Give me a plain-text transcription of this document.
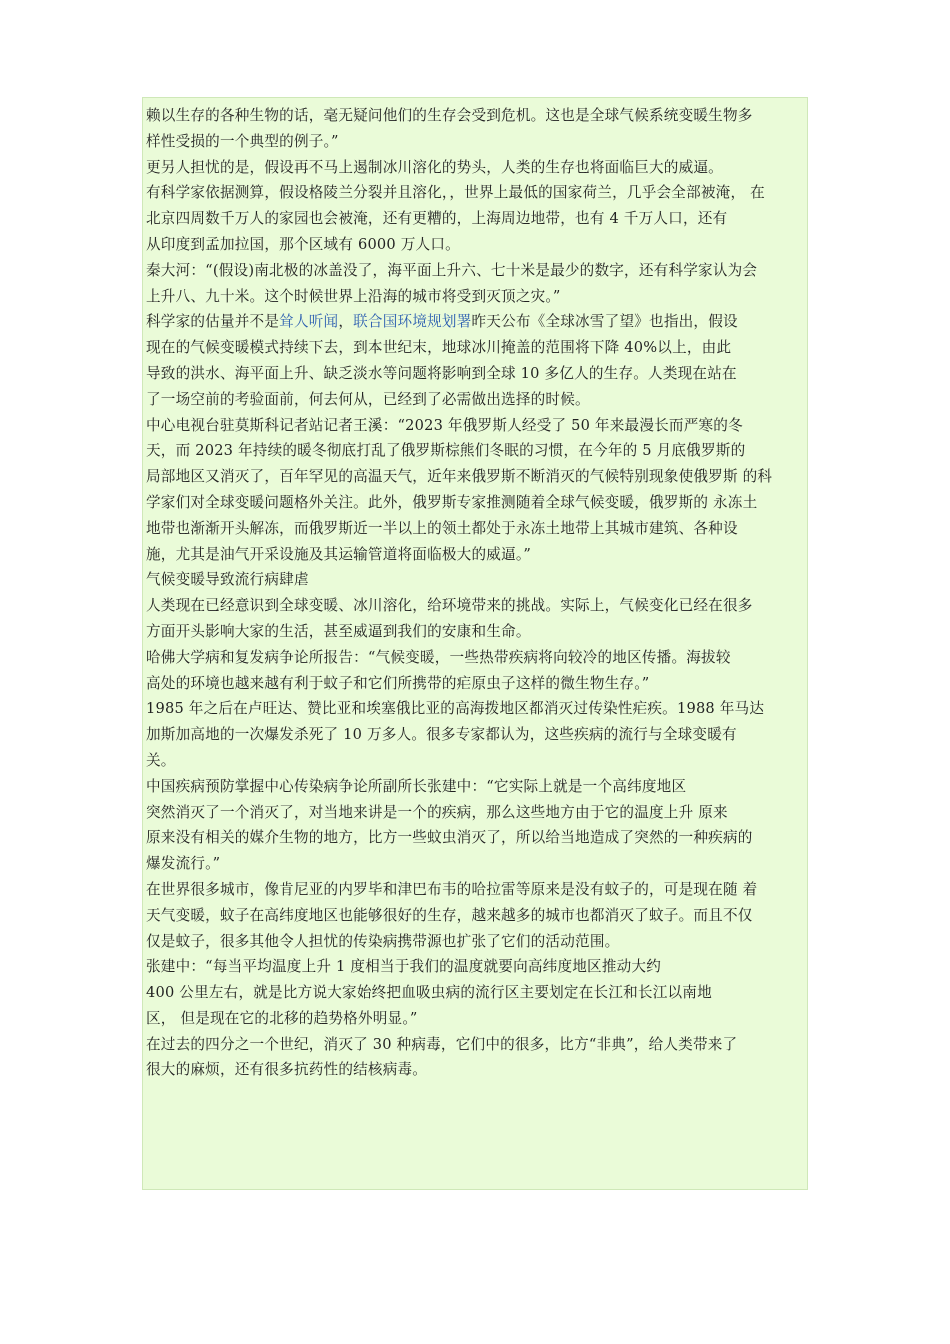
赖以生存的各种生物的话，毫无疑问他们的生存会受到危机。这也是全球气候系统变暖生物多

样性受损的一个典型的例子。”

更另人担忧的是，假设再不马上遏制冰川溶化的势头，人类的生存也将面临巨大的威逼。

有科学家依据测算，假设格陵兰分裂并且溶化，，世界上最低的国家荷兰，几乎会全部被淹， 在

北京四周数千万人的家园也会被淹，还有更糟的，上海周边地带，也有 4 千万人口，还有

从印度到孟加拉国，那个区域有 6000 万人口。

秦大河：“(假设)南北极的冰盖没了，海平面上升六、七十米是最少的数字，还有科学家认为会

上升八、九十米。这个时候世界上沿海的城市将受到灭顶之灾。”

科学家的估量并不是耸人听闻，联合国环境规划署昨天公布《全球冰雪了望》也指出，假设

现在的气候变暖模式持续下去，到本世纪末，地球冰川掩盖的范围将下降 40%以上，由此

导致的洪水、海平面上升、缺乏淡水等问题将影响到全球 10 多亿人的生存。人类现在站在

了一场空前的考验面前，何去何从，已经到了必需做出选择的时候。

中心电视台驻莫斯科记者站记者王溪：“2023 年俄罗斯人经受了 50 年来最漫长而严寒的冬

天，而 2023 年持续的暖冬彻底打乱了俄罗斯棕熊们冬眠的习惯，在今年的 5 月底俄罗斯的

局部地区又消灭了，百年罕见的高温天气，近年来俄罗斯不断消灭的气候特别现象使俄罗斯 的科

学家们对全球变暖问题格外关注。此外，俄罗斯专家推测随着全球气候变暖，俄罗斯的 永冻土

地带也渐渐开头解冻，而俄罗斯近一半以上的领土都处于永冻土地带上其城市建筑、各种设

施，尤其是油气开采设施及其运输管道将面临极大的威逼。”

气候变暖导致流行病肆虐

人类现在已经意识到全球变暖、冰川溶化，给环境带来的挑战。实际上，气候变化已经在很多

方面开头影响大家的生活，甚至威逼到我们的安康和生命。

哈佛大学病和复发病争论所报告：“气候变暖，一些热带疾病将向较冷的地区传播。海拔较

高处的环境也越来越有利于蚊子和它们所携带的疟原虫子这样的微生物生存。”

1985 年之后在卢旺达、赞比亚和埃塞俄比亚的高海拨地区都消灭过传染性疟疾。1988 年马达

加斯加高地的一次爆发杀死了 10 万多人。很多专家都认为，这些疾病的流行与全球变暖有

关。

中国疾病预防掌握中心传染病争论所副所长张建中：“它实际上就是一个高纬度地区

突然消灭了一个消灭了，对当地来讲是一个的疾病，那么这些地方由于它的温度上升 原来

原来没有相关的媒介生物的地方，比方一些蚊虫消灭了，所以给当地造成了突然的一种疾病的

爆发流行。”

在世界很多城市，像肯尼亚的内罗毕和津巴布韦的哈拉雷等原来是没有蚊子的，可是现在随 着

天气变暖，蚊子在高纬度地区也能够很好的生存，越来越多的城市也都消灭了蚊子。而且不仅

仅是蚊子，很多其他令人担忧的传染病携带源也扩张了它们的活动范围。

张建中：“每当平均温度上升 1 度相当于我们的温度就要向高纬度地区推动大约

400 公里左右，就是比方说大家始终把血吸虫病的流行区主要划定在长江和长江以南地

区， 但是现在它的北移的趋势格外明显。”

在过去的四分之一个世纪，消灭了 30 种病毒，它们中的很多，比方“非典”，给人类带来了

很大的麻烦，还有很多抗药性的结核病毒。
